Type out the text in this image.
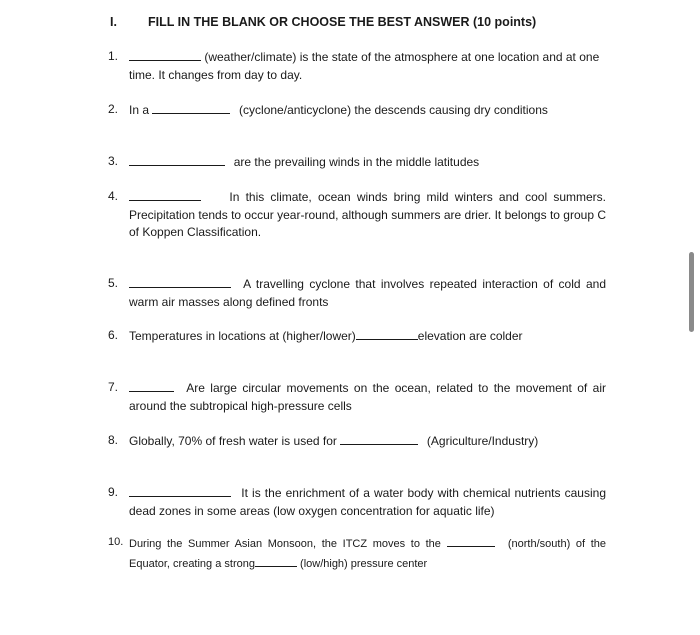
I. FILL IN THE BLANK OR CHOOSE THE BEST ANSWER (10 points)
1.	(weather/climate) is the state of the atmosphere at one location and at one time. It changes from day to day.
2. In a	(cyclone/anticyclone) the descends causing dry conditions
3.	are the prevailing winds in the middle latitudes
4.	In this climate, ocean winds bring mild winters and cool summers. Precipitation tends to occur year-round, although summers are drier. It belongs to group C of Koppen Classification.
5.	A travelling cyclone that involves repeated interaction of cold and warm air masses along defined fronts
6. Temperatures in locations at (higher/lower)	elevation are colder
7.	Are large circular movements on the ocean, related to the movement of air around the subtropical high-pressure cells
8. Globally, 70% of fresh water is used for	(Agriculture/Industry)
9.	It is the enrichment of a water body with chemical nutrients causing dead zones in some areas (low oxygen concentration for aquatic life)
10. During the Summer Asian Monsoon, the ITCZ moves to the	(north/south) of the Equator, creating a strong	(low/high) pressure center
